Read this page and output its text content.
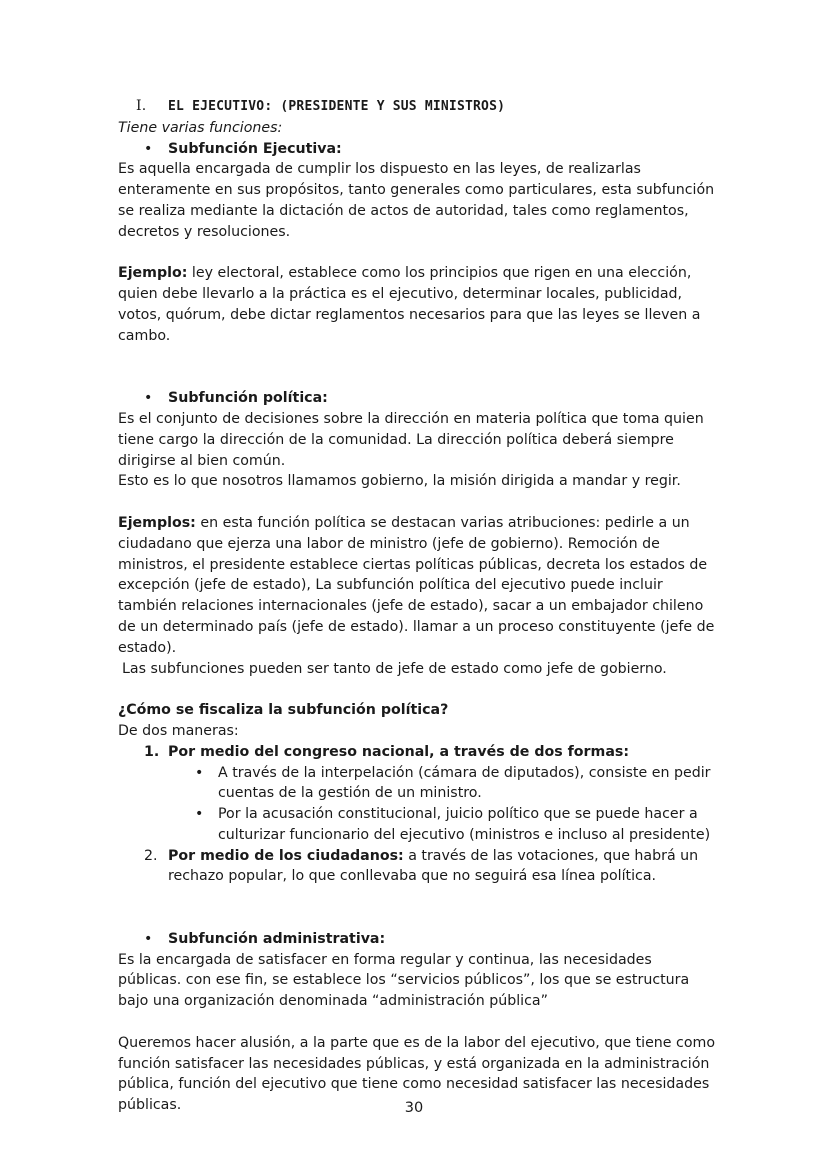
I. EL EJECUTIVO: (PRESIDENTE Y SUS MINISTROS)

Tiene varias funciones:

• Subfunción Ejecutiva:

Es aquella encargada de cumplir los dispuesto en las leyes, de realizarlas enteramente en sus propósitos, tanto generales como particulares, esta subfunción se realiza mediante la dictación de actos de autoridad, tales como reglamentos, decretos y resoluciones.

Ejemplo: ley electoral, establece como los principios que rigen en una elección, quien debe llevarlo a la práctica es el ejecutivo, determinar locales, publicidad, votos, quórum, debe dictar reglamentos necesarios para que las leyes se lleven a cambo.

• Subfunción política:

Es el conjunto de decisiones sobre la dirección en materia política que toma quien tiene cargo la dirección de la comunidad. La dirección política deberá siempre dirigirse al bien común.

Esto es lo que nosotros llamamos gobierno, la misión dirigida a mandar y regir.

Ejemplos: en esta función política se destacan varias atribuciones: pedirle a un ciudadano que ejerza una labor de ministro (jefe de gobierno). Remoción de ministros, el presidente establece ciertas políticas públicas, decreta los estados de excepción (jefe de estado), La subfunción política del ejecutivo puede incluir también relaciones internacionales (jefe de estado), sacar a un embajador chileno de un determinado país (jefe de estado). llamar a un proceso constituyente (jefe de estado).

Las subfunciones pueden ser tanto de jefe de estado como jefe de gobierno.

¿Cómo se fiscaliza la subfunción política?

De dos maneras:

1. Por medio del congreso nacional, a través de dos formas:

• A través de la interpelación (cámara de diputados), consiste en pedir cuentas de la gestión de un ministro.

• Por la acusación constitucional, juicio político que se puede hacer a culturizar funcionario del ejecutivo (ministros e incluso al presidente)

2. Por medio de los ciudadanos: a través de las votaciones, que habrá un rechazo popular, lo que conllevaba que no seguirá esa línea política.

• Subfunción administrativa:

Es la encargada de satisfacer en forma regular y continua, las necesidades públicas. con ese fin, se establece los “servicios públicos”, los que se estructura bajo una organización denominada “administración pública”

Queremos hacer alusión, a la parte que es de la labor del ejecutivo, que tiene como función satisfacer las necesidades públicas, y está organizada en la administración pública, función del ejecutivo que tiene como necesidad satisfacer las necesidades públicas.	30
